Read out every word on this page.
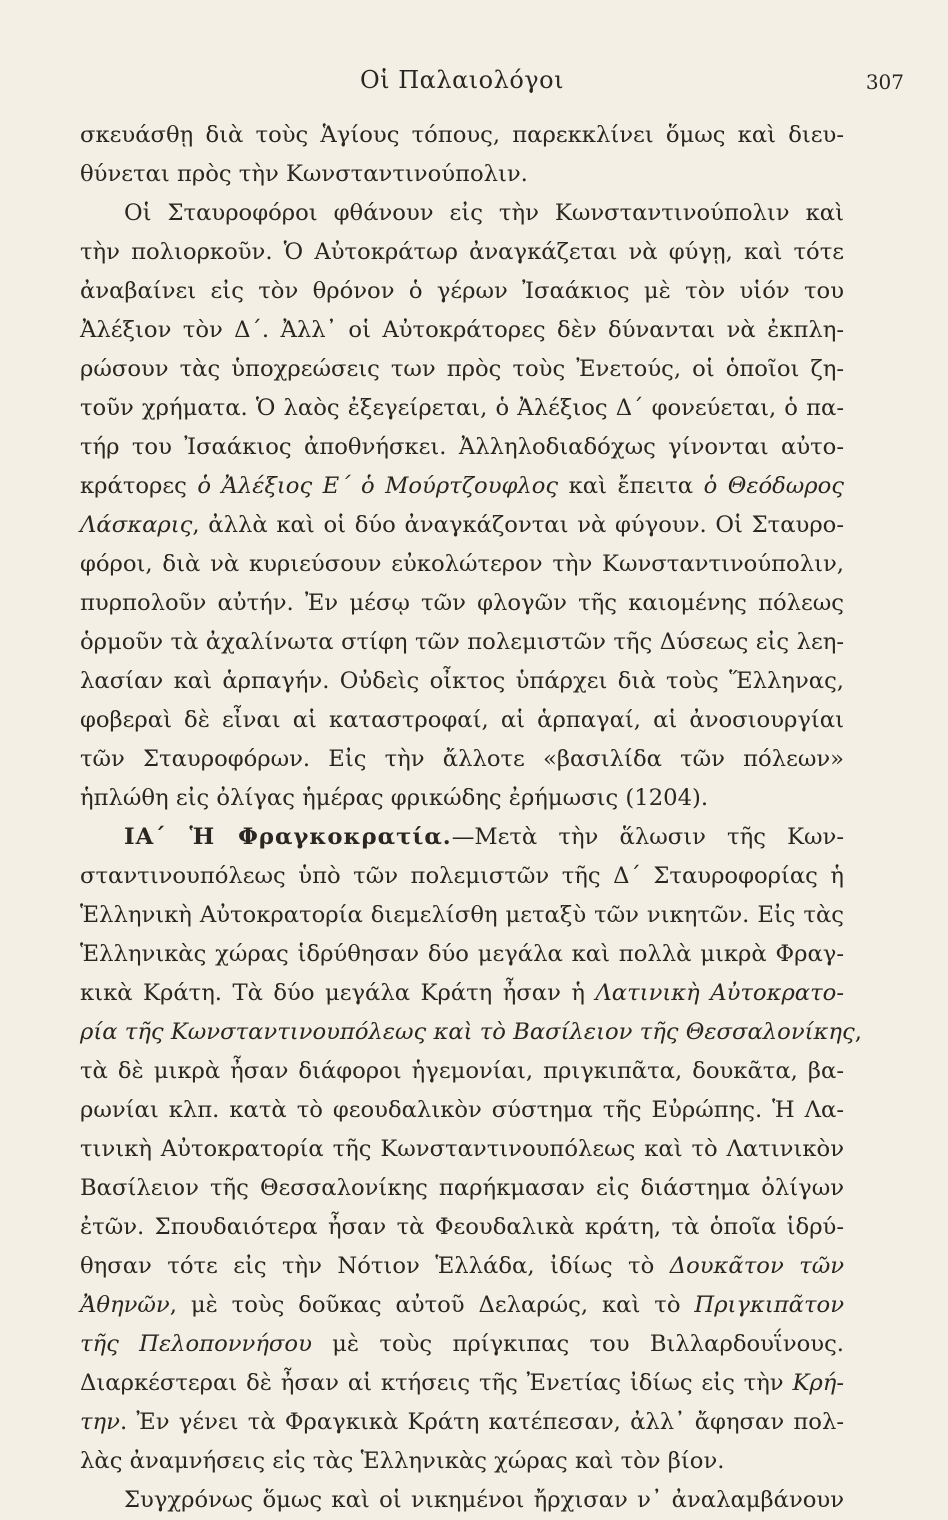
Οἱ Παλαιολόγοι	307
σκευάσθῃ διὰ τοὺς Ἁγίους τόπους, παρεκκλίνει ὅμως καὶ διευ-
θύνεται πρὸς τὴν Κωνσταντινούπολιν.
Οἱ Σταυροφόροι φθάνουν εἰς τὴν Κωνσταντινούπολιν καὶ
τὴν πολιορκοῦν. Ὁ Αὐτοκράτωρ ἀναγκάζεται νὰ φύγῃ, καὶ τότε
ἀναβαίνει εἰς τὸν θρόνον ὁ γέρων Ἰσαάκιος μὲ τὸν υἱόν του
Ἀλέξιον τὸν Δ΄. Ἀλλ᾽ οἱ Αὐτοκράτορες δὲν δύνανται νὰ ἐκπλη-
ρώσουν τὰς ὑποχρεώσεις των πρὸς τοὺς Ἐνετούς, οἱ ὁποῖοι ζη-
τοῦν χρήματα. Ὁ λαὸς ἐξεγείρεται, ὁ Ἀλέξιος Δ΄ φονεύεται, ὁ πα-
τήρ του Ἰσαάκιος ἀποθνήσκει. Ἀλληλοδιαδόχως γίνονται αὐτο-
κράτορες ὁ Ἀλέξιος Ε΄ ὁ Μούρτζουφλος καὶ ἔπειτα ὁ Θεόδωρος
Λάσκαρις, ἀλλὰ καὶ οἱ δύο ἀναγκάζονται νὰ φύγουν. Οἱ Σταυρο-
φόροι, διὰ νὰ κυριεύσουν εὐκολώτερον τὴν Κωνσταντινούπολιν,
πυρπολοῦν αὐτήν. Ἐν μέσῳ τῶν φλογῶν τῆς καιομένης πόλεως
ὁρμοῦν τὰ ἀχαλίνωτα στίφη τῶν πολεμιστῶν τῆς Δύσεως εἰς λεη-
λασίαν καὶ ἁρπαγήν. Οὐδεὶς οἶκτος ὑπάρχει διὰ τοὺς Ἕλληνας,
φοβεραὶ δὲ εἶναι αἱ καταστροφαί, αἱ ἁρπαγαί, αἱ ἀνοσιουργίαι
τῶν Σταυροφόρων. Εἰς τὴν ἄλλοτε «βασιλίδα τῶν πόλεων»
ἡπλώθη εἰς ὀλίγας ἡμέρας φρικώδης ἐρήμωσις (1204).
ΙΑ΄ Ἡ Φραγκοκρατία.—Μετὰ τὴν ἅλωσιν τῆς Κων-
σταντινουπόλεως ὑπὸ τῶν πολεμιστῶν τῆς Δ΄ Σταυροφορίας ἡ
Ἑλληνικὴ Αὐτοκρατορία διεμελίσθη μεταξὺ τῶν νικητῶν. Εἰς τὰς
Ἑλληνικὰς χώρας ἱδρύθησαν δύο μεγάλα καὶ πολλὰ μικρὰ Φραγ-
κικὰ Κράτη. Τὰ δύο μεγάλα Κράτη ἦσαν ἡ Λατινικὴ Αὐτοκρατο-
ρία τῆς Κωνσταντινουπόλεως καὶ τὸ Βασίλειον τῆς Θεσσαλονίκης,
τὰ δὲ μικρὰ ἦσαν διάφοροι ἡγεμονίαι, πριγκιπᾶτα, δουκᾶτα, βα-
ρωνίαι κλπ. κατὰ τὸ φεουδαλικὸν σύστημα τῆς Εὐρώπης. Ἡ Λα-
τινικὴ Αὐτοκρατορία τῆς Κωνσταντινουπόλεως καὶ τὸ Λατινικὸν
Βασίλειον τῆς Θεσσαλονίκης παρήκμασαν εἰς διάστημα ὀλίγων
ἐτῶν. Σπουδαιότερα ἦσαν τὰ Φεουδαλικὰ κράτη, τὰ ὁποῖα ἱδρύ-
θησαν τότε εἰς τὴν Νότιον Ἑλλάδα, ἰδίως τὸ Δουκᾶτον τῶν
Ἀθηνῶν, μὲ τοὺς δοῦκας αὐτοῦ Δελαρώς, καὶ τὸ Πριγκιπᾶτον
τῆς Πελοποννήσου μὲ τοὺς πρίγκιπας του Βιλλαρδουΐνους.
Διαρκέστεραι δὲ ἦσαν αἱ κτήσεις τῆς Ἐνετίας ἰδίως εἰς τὴν Κρή-
την. Ἐν γένει τὰ Φραγκικὰ Κράτη κατέπεσαν, ἀλλ᾽ ἄφησαν πολ-
λὰς ἀναμνήσεις εἰς τὰς Ἑλληνικὰς χώρας καὶ τὸν βίον.
Συγχρόνως ὅμως καὶ οἱ νικημένοι ἤρχισαν ν᾽ ἀναλαμβάνουν
